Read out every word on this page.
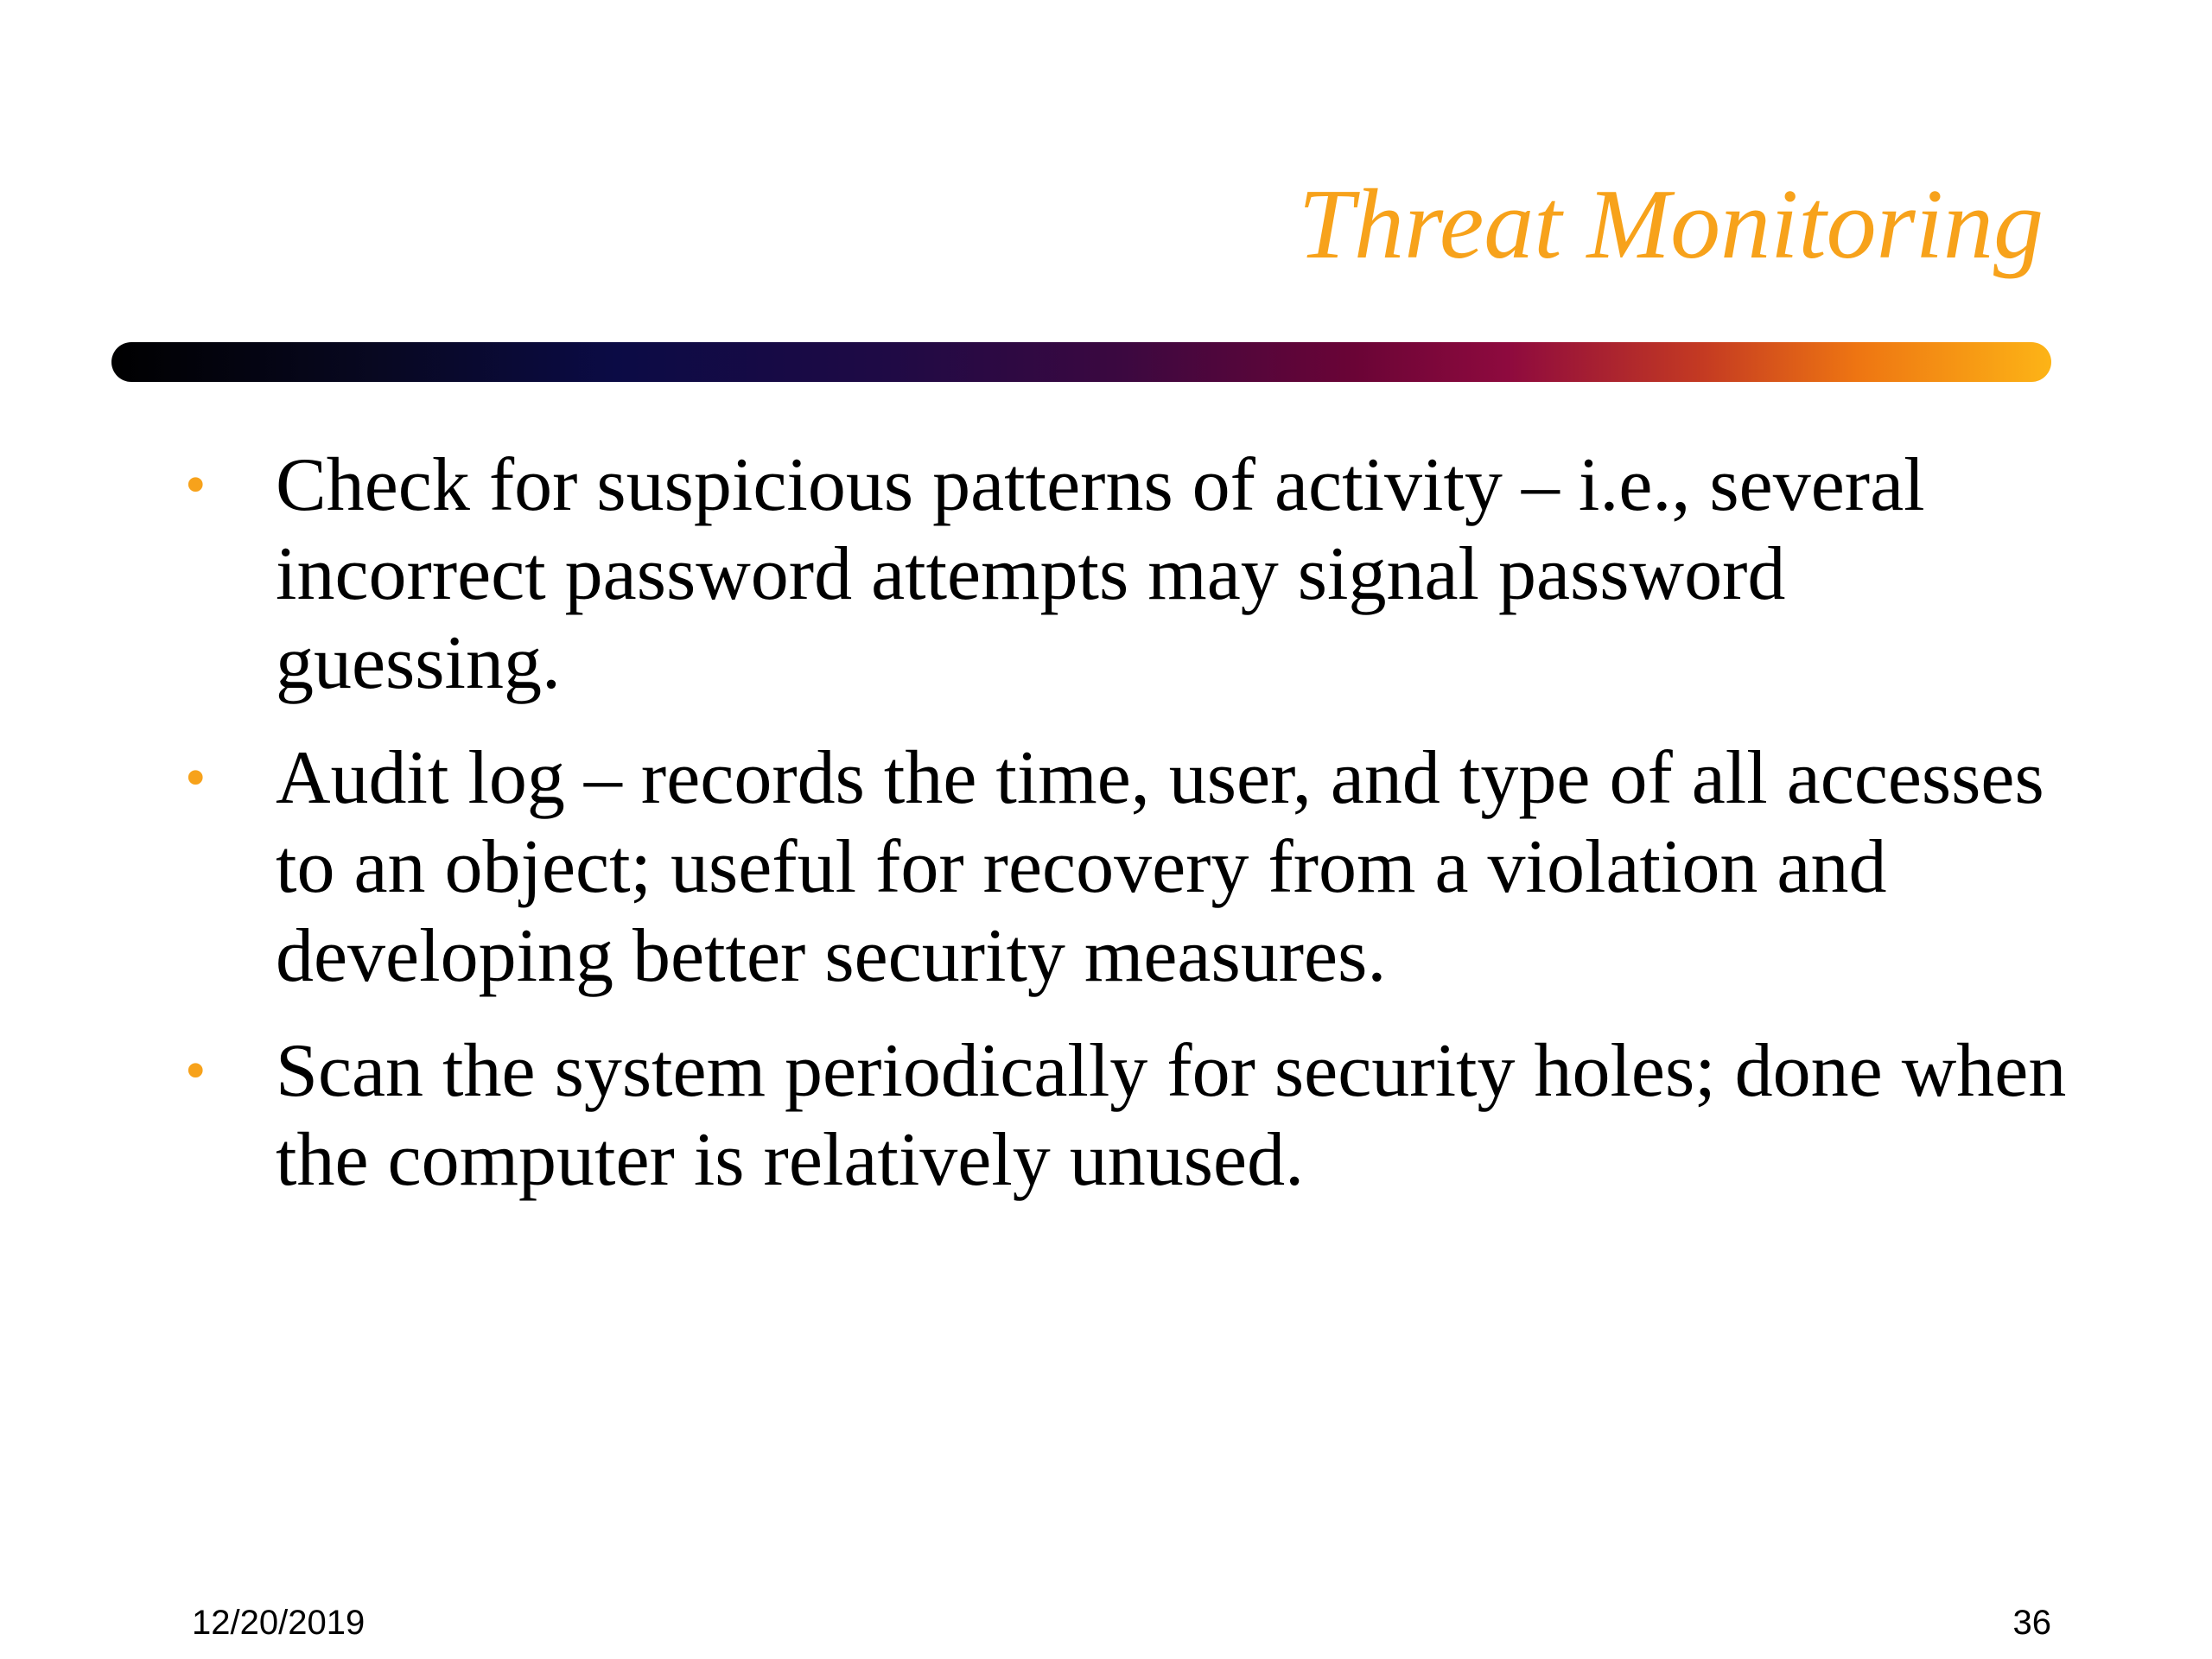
Threat Monitoring
• Check for suspicious patterns of activity – i.e., several incorrect password attempts may signal password guessing.
• Audit log – records the time, user, and type of all accesses to an object; useful for recovery from a violation and developing better security measures.
• Scan the system periodically for security holes; done when the computer is relatively unused.
12/20/2019	36
